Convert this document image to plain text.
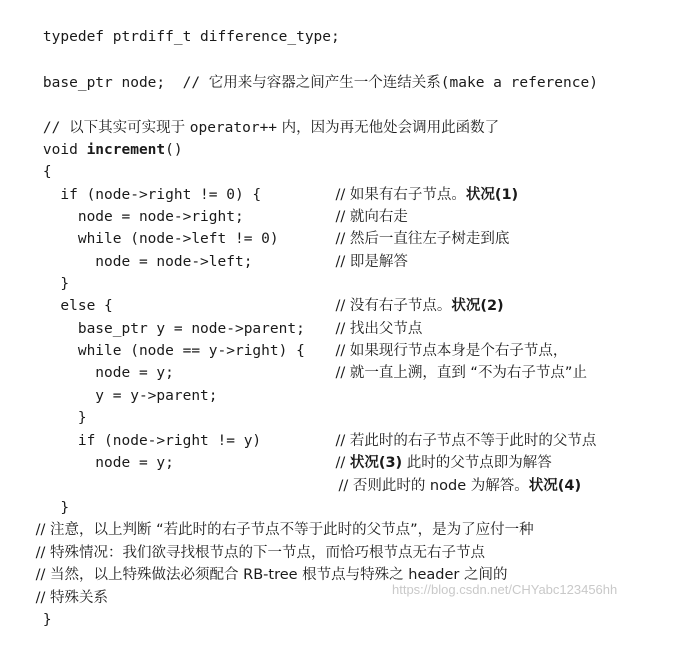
typedef ptrdiff_t difference_type;

base_ptr node;  // 它用来与容器之间产生一个连结关系(make a reference)

// 以下其实可实现于 operator++ 内，因为再无他处会调用此函数了

void increment()

{

if (node->right != 0) {
	// 如果有右子节点。状况(1)

node = node->right;
	// 就向右走

while (node->left != 0)
	// 然后一直往左子树走到底

node = node->left;
	// 即是解答

}

else {
	// 没有右子节点。状况(2)

base_ptr y = node->parent;
	// 找出父节点

while (node == y->right) {
	// 如果现行节点本身是个右子节点，

node = y;
	// 就一直上溯，直到 “不为右子节点”止

y = y->parent;

}

if (node->right != y)
	// 若此时的右子节点不等于此时的父节点

node = y;
	// 状况(3) 此时的父节点即为解答

// 否则此时的 node 为解答。状况(4)

}

// 注意，以上判断 “若此时的右子节点不等于此时的父节点”，是为了应付一种

// 特殊情况：我们欲寻找根节点的下一节点，而恰巧根节点无右子节点

// 当然，以上特殊做法必须配合 RB-tree 根节点与特殊之 header 之间的

// 特殊关系

}

https://blog.csdn.net/CHYabc123456hh
